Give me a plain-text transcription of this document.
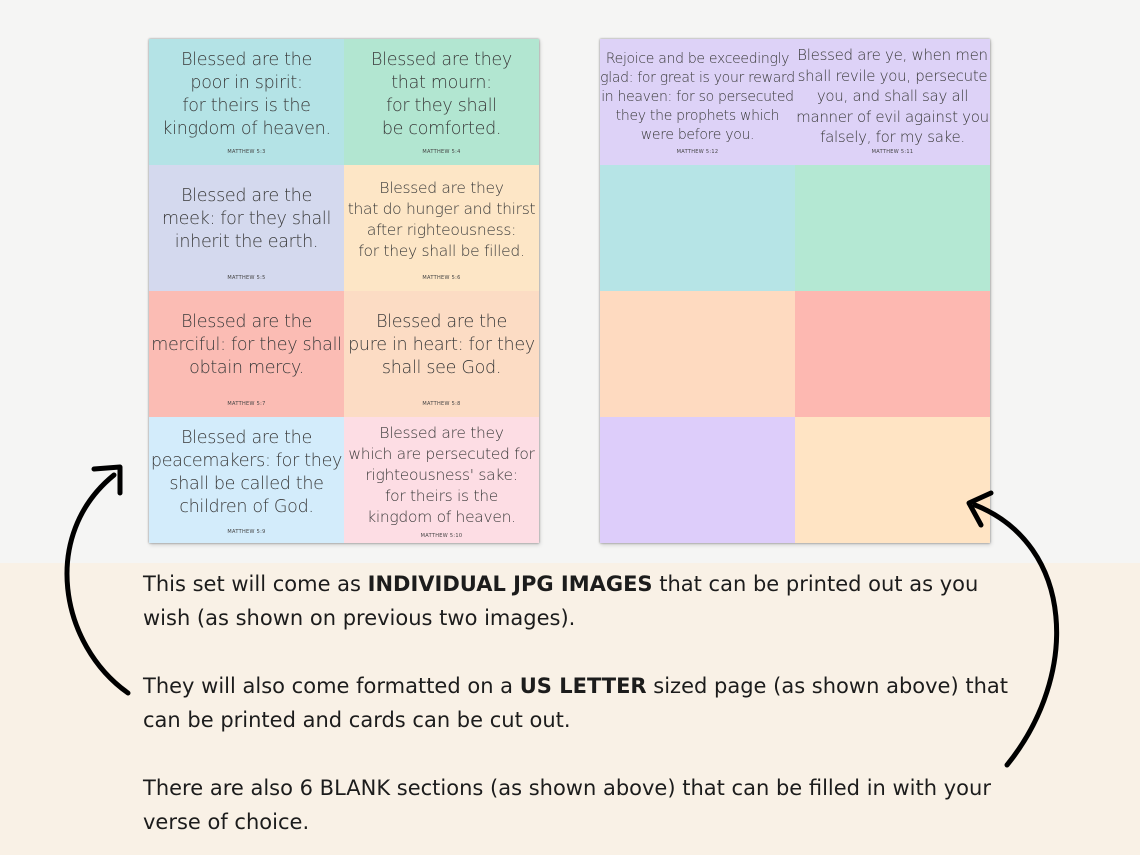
Blessed are the
poor in spirit:
for theirs is the
kingdom of heaven.
MATTHEW 5:3
Blessed are they
that mourn:
for they shall
be comforted.
MATTHEW 5:4
Blessed are the
meek: for they shall
inherit the earth.
MATTHEW 5:5
Blessed are they
that do hunger and thirst
after righteousness:
for they shall be filled.
MATTHEW 5:6
Blessed are the
merciful: for they shall
obtain mercy.
MATTHEW 5:7
Blessed are the
pure in heart: for they
shall see God.
MATTHEW 5:8
Blessed are the
peacemakers: for they
shall be called the
children of God.
MATTHEW 5:9
Blessed are they
which are persecuted for
righteousness' sake:
for theirs is the
kingdom of heaven.
MATTHEW 5:10
Rejoice and be exceedingly
glad: for great is your reward
in heaven: for so persecuted
they the prophets which
were before you.
MATTHEW 5:12
Blessed are ye, when men
shall revile you, persecute
you, and shall say all
manner of evil against you
falsely, for my sake.
MATTHEW 5:11

This set will come as INDIVIDUAL JPG IMAGES that can be printed out as you wish (as shown on previous two images).

They will also come formatted on a US LETTER sized page (as shown above) that can be printed and cards can be cut out.

There are also 6 BLANK sections (as shown above) that can be filled in with your verse of choice.
